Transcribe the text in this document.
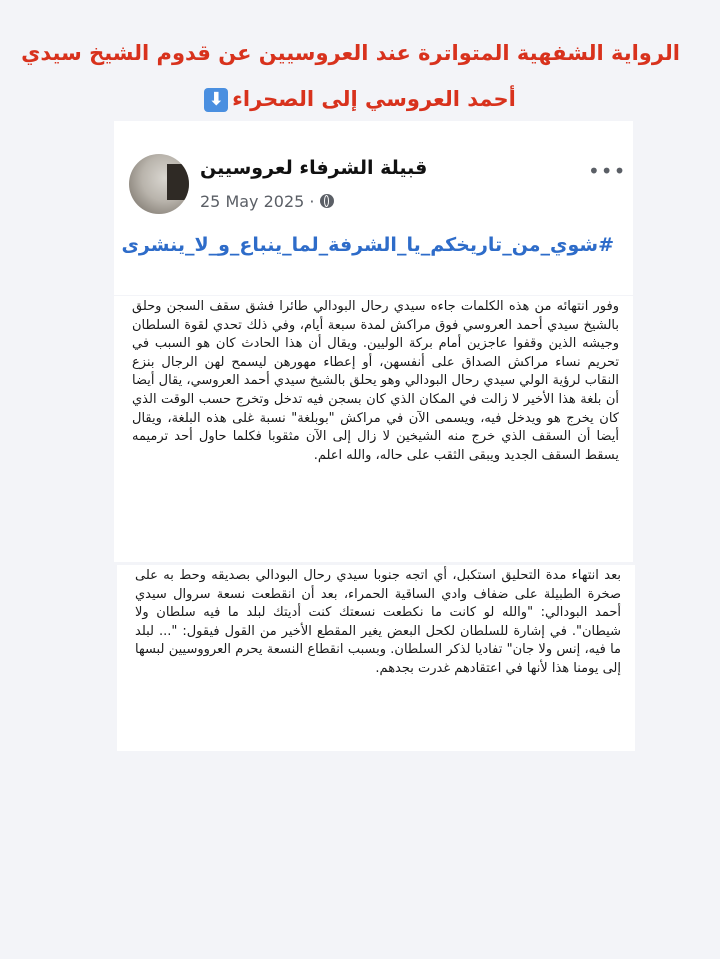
الرواية الشفهية المتواترة عند العروسيين عن قدوم الشيخ سيدي
أحمد العروسي إلى الصحراء⬇
قبيلة الشرفاء لعروسيين
25 May 2025 ·
•••
#شوي_من_تاريخكم_يا_الشرفة_لما_ينباع_و_لا_ينشرى
وفور انتهائه من هذه الكلمات جاءه سيدي رحال البودالي طائرا فشق سقف السجن وحلق بالشيخ سيدي أحمد العروسي فوق مراكش لمدة سبعة أيام، وفي ذلك تحدي لقوة السلطان وجيشه الذين وقفوا عاجزين أمام بركة الوليين. ويقال أن هذا الحادث كان هو السبب في تحريم نساء مراكش الصداق على أنفسهن، أو إعطاء مهورهن ليسمح لهن الرجال بنزع النقاب لرؤية الولي سيدي رحال البودالي وهو يحلق بالشيخ سيدي أحمد العروسي، يقال أيضا أن بلغة هذا الأخير لا زالت في المكان الذي كان بسجن فيه تدخل وتخرج حسب الوقت الذي كان يخرج هو ويدخل فيه، ويسمى الآن في مراكش "بوبلغة" نسبة غلى هذه البلغة، ويقال أيضا أن السقف الذي خرج منه الشيخين لا زال إلى الآن مثقوبا فكلما حاول أحد ترميمه يسقط السقف الجديد ويبقى الثقب على حاله، والله اعلم.
بعد انتهاء مدة التحليق استكبل، أي اتجه جنوبا سيدي رحال البودالي بصديقه وحط به على صخرة الطبيلة على ضفاف وادي الساقية الحمراء، بعد أن انقطعت نسعة سروال سيدي أحمد البودالي: "والله لو كانت ما نكطعت نسعتك كنت أديتك لبلد ما فيه سلطان ولا شيطان". في إشارة للسلطان لكحل البعض يغير المقطع الأخير من القول فيقول: "... لبلد ما فيه، إنس ولا جان" تفاديا لذكر السلطان. وبسبب انقطاع النسعة يحرم العرووسيين لبسها إلى يومنا هذا لأنها في اعتقادهم غدرت بجدهم.
